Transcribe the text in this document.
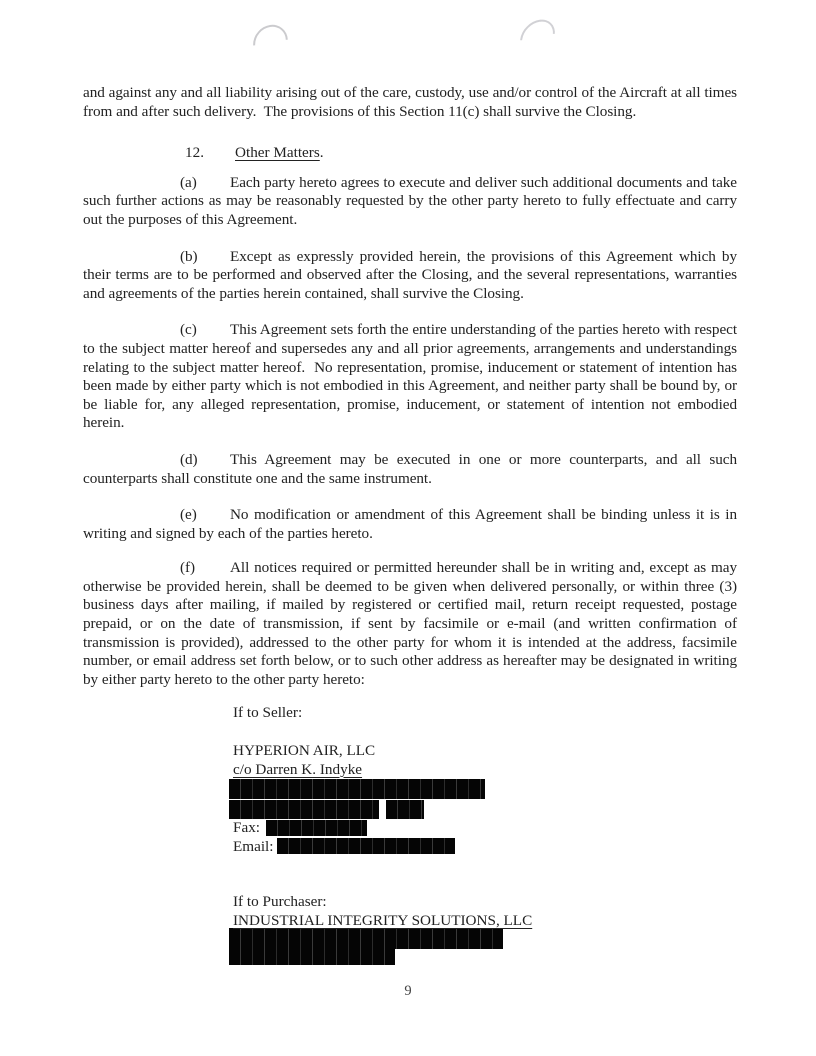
and against any and all liability arising out of the care, custody, use and/or control of the Aircraft at all times from and after such delivery.  The provisions of this Section 11(c) shall survive the Closing.

12. Other Matters.

(a) Each party hereto agrees to execute and deliver such additional documents and take such further actions as may be reasonably requested by the other party hereto to fully effectuate and carry out the purposes of this Agreement.

(b) Except as expressly provided herein, the provisions of this Agreement which by their terms are to be performed and observed after the Closing, and the several representations, warranties and agreements of the parties herein contained, shall survive the Closing.

(c) This Agreement sets forth the entire understanding of the parties hereto with respect to the subject matter hereof and supersedes any and all prior agreements, arrangements and understandings relating to the subject matter hereof.  No representation, promise, inducement or statement of intention has been made by either party which is not embodied in this Agreement, and neither party shall be bound by, or be liable for, any alleged representation, promise, inducement, or statement of intention not embodied herein.

(d) This Agreement may be executed in one or more counterparts, and all such counterparts shall constitute one and the same instrument.

(e) No modification or amendment of this Agreement shall be binding unless it is in writing and signed by each of the parties hereto.

(f) All notices required or permitted hereunder shall be in writing and, except as may otherwise be provided herein, shall be deemed to be given when delivered personally, or within three (3) business days after mailing, if mailed by registered or certified mail, return receipt requested, postage prepaid, or on the date of transmission, if sent by facsimile or e-mail (and written confirmation of transmission is provided), addressed to the other party for whom it is intended at the address, facsimile number, or email address set forth below, or to such other address as hereafter may be designated in writing by either party hereto to the other party hereto:

If to Seller:
HYPERION AIR, LLC
c/o Darren K. Indyke
Fax:
Email:
If to Purchaser:
INDUSTRIAL INTEGRITY SOLUTIONS, LLC
9
